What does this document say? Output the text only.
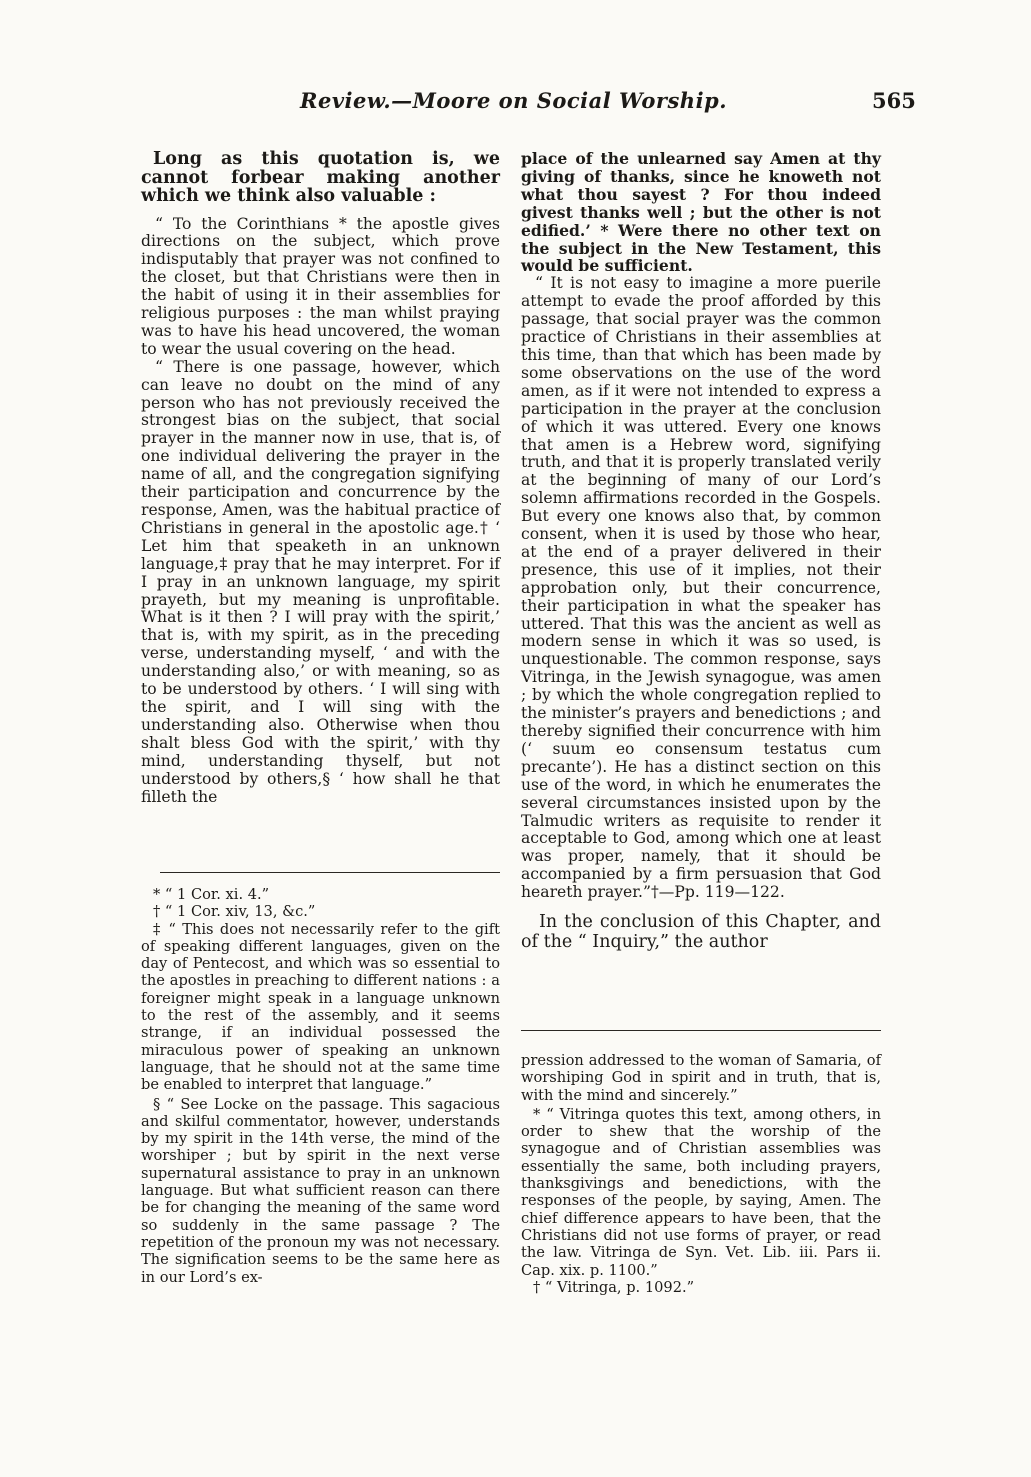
Review.—Moore on Social Worship.	565

Long as this quotation is, we cannot forbear making another which we think also valuable :

“ To the Corinthians * the apostle gives directions on the subject, which prove indisputably that prayer was not confined to the closet, but that Christians were then in the habit of using it in their assemblies for religious purposes : the man whilst praying was to have his head uncovered, the woman to wear the usual covering on the head.

“ There is one passage, however, which can leave no doubt on the mind of any person who has not previously received the strongest bias on the subject, that social prayer in the manner now in use, that is, of one individual delivering the prayer in the name of all, and the congregation signifying their participation and concurrence by the response, Amen, was the habitual practice of Christians in general in the apostolic age.† ‘ Let him that speaketh in an unknown language,‡ pray that he may interpret. For if I pray in an unknown language, my spirit prayeth, but my meaning is unprofitable. What is it then ? I will pray with the spirit,’ that is, with my spirit, as in the preceding verse, understanding myself, ‘ and with the understanding also,’ or with meaning, so as to be understood by others. ‘ I will sing with the spirit, and I will sing with the understanding also. Otherwise when thou shalt bless God with the spirit,’ with thy mind, understanding thyself, but not understood by others,§ ‘ how shall he that filleth the

* “ 1 Cor. xi. 4.”

† “ 1 Cor. xiv, 13, &c.”

‡ “ This does not necessarily refer to the gift of speaking different languages, given on the day of Pentecost, and which was so essential to the apostles in preaching to different nations : a foreigner might speak in a language unknown to the rest of the assembly, and it seems strange, if an individual possessed the miraculous power of speaking an unknown language, that he should not at the same time be enabled to interpret that language.”

§ “ See Locke on the passage. This sagacious and skilful commentator, however, understands by my spirit in the 14th verse, the mind of the worshiper ; but by spirit in the next verse supernatural assistance to pray in an unknown language. But what sufficient reason can there be for changing the meaning of the same word so suddenly in the same passage ? The repetition of the pronoun my was not necessary. The signification seems to be the same here as in our Lord’s ex-

place of the unlearned say Amen at thy giving of thanks, since he knoweth not what thou sayest ? For thou indeed givest thanks well ; but the other is not edified.’ * Were there no other text on the subject in the New Testament, this would be sufficient.

“ It is not easy to imagine a more puerile attempt to evade the proof afforded by this passage, that social prayer was the common practice of Christians in their assemblies at this time, than that which has been made by some observations on the use of the word amen, as if it were not intended to express a participation in the prayer at the conclusion of which it was uttered. Every one knows that amen is a Hebrew word, signifying truth, and that it is properly translated verily at the beginning of many of our Lord’s solemn affirmations recorded in the Gospels. But every one knows also that, by common consent, when it is used by those who hear, at the end of a prayer delivered in their presence, this use of it implies, not their approbation only, but their concurrence, their participation in what the speaker has uttered. That this was the ancient as well as modern sense in which it was so used, is unquestionable. The common response, says Vitringa, in the Jewish synagogue, was amen ; by which the whole congregation replied to the minister’s prayers and benedictions ; and thereby signified their concurrence with him (‘ suum eo consensum testatus cum precante’). He has a distinct section on this use of the word, in which he enumerates the several circumstances insisted upon by the Talmudic writers as requisite to render it acceptable to God, among which one at least was proper, namely, that it should be accompanied by a firm persuasion that God heareth prayer.”†—Pp. 119—122.

In the conclusion of this Chapter, and of the “ Inquiry,” the author

pression addressed to the woman of Samaria, of worshiping God in spirit and in truth, that is, with the mind and sincerely.”

* “ Vitringa quotes this text, among others, in order to shew that the worship of the synagogue and of Christian assemblies was essentially the same, both including prayers, thanksgivings and benedictions, with the responses of the people, by saying, Amen. The chief difference appears to have been, that the Christians did not use forms of prayer, or read the law. Vitringa de Syn. Vet. Lib. iii. Pars ii. Cap. xix. p. 1100.”

† “ Vitringa, p. 1092.”
